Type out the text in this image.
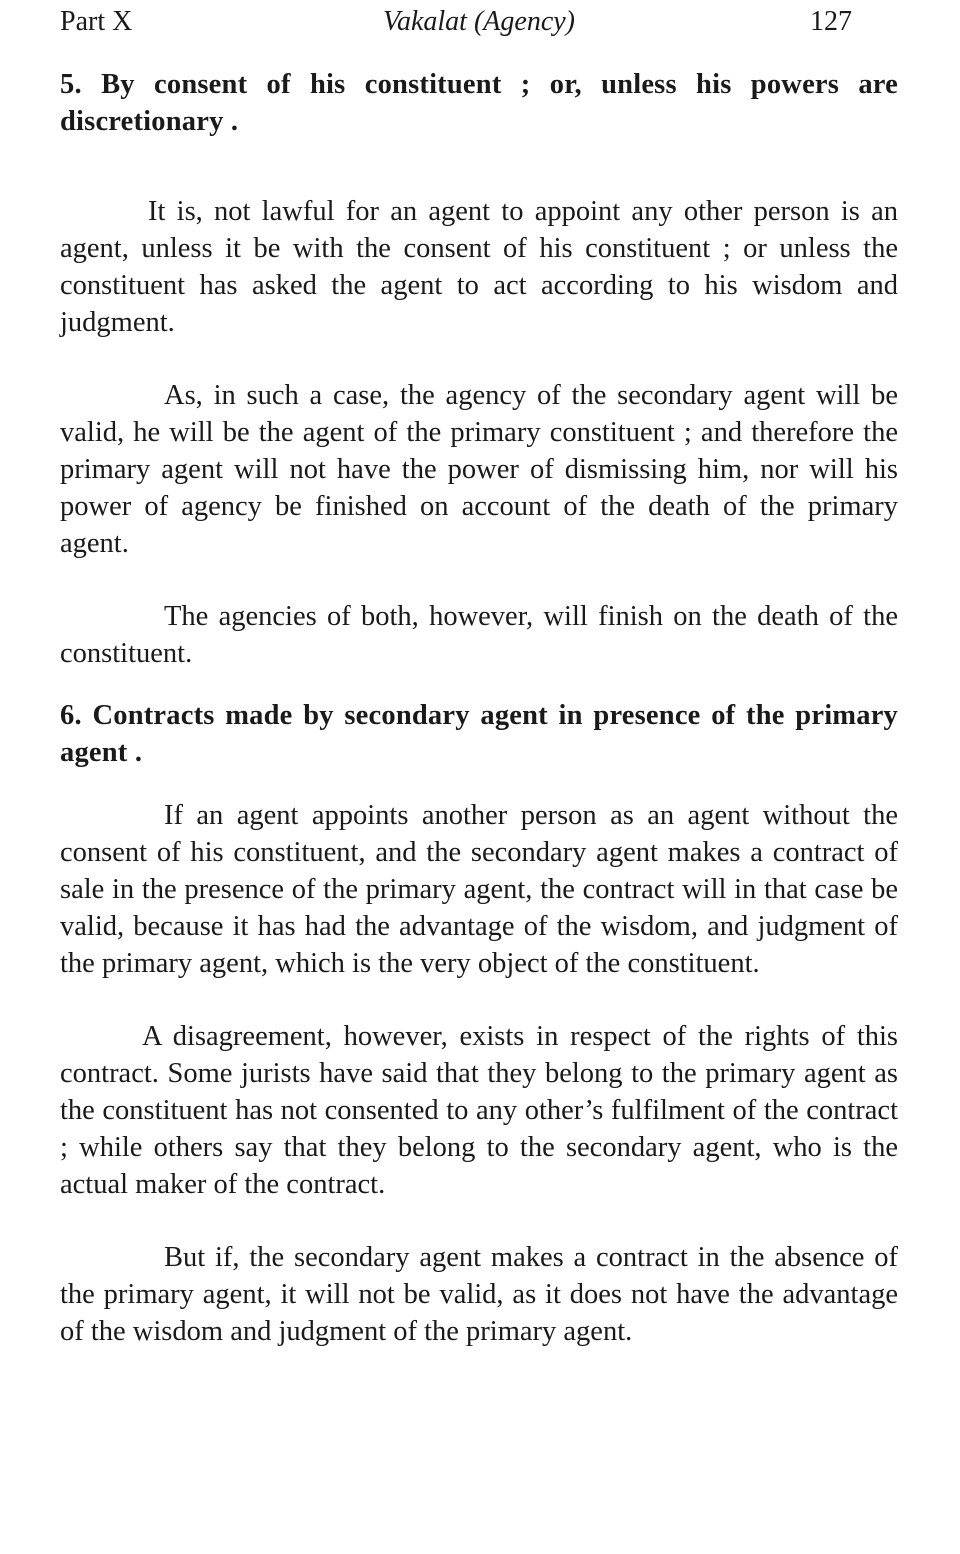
Part X	Vakalat (Agency)	127

5. By consent of his constituent ; or, unless his powers are discretionary .

It is, not lawful for an agent to appoint any other person is an agent, unless it be with the consent of his constituent ; or unless the constituent has asked the agent to act according to his wisdom and judgment.

As, in such a case, the agency of the secondary agent will be valid, he will be the agent of the primary constituent ; and therefore the primary agent will not have the power of dismissing him, nor will his power of agency be finished on account of the death of the primary agent.

The agencies of both, however, will finish on the death of the constituent.

6. Contracts made by secondary agent in presence of the primary agent .

If an agent appoints another person as an agent without the consent of his constituent, and the secondary agent makes a contract of sale in the presence of the primary agent, the contract will in that case be valid, because it has had the advantage of the wisdom, and judgment of the primary agent, which is the very object of the constituent.

A disagreement, however, exists in respect of the rights of this contract. Some jurists have said that they belong to the primary agent as the constituent has not consented to any other’s fulfilment of the contract ; while others say that they belong to the secondary agent, who is the actual maker of the contract.

But if, the secondary agent makes a contract in the absence of the primary agent, it will not be valid, as it does not have the advantage of the wisdom and judgment of the primary agent.
